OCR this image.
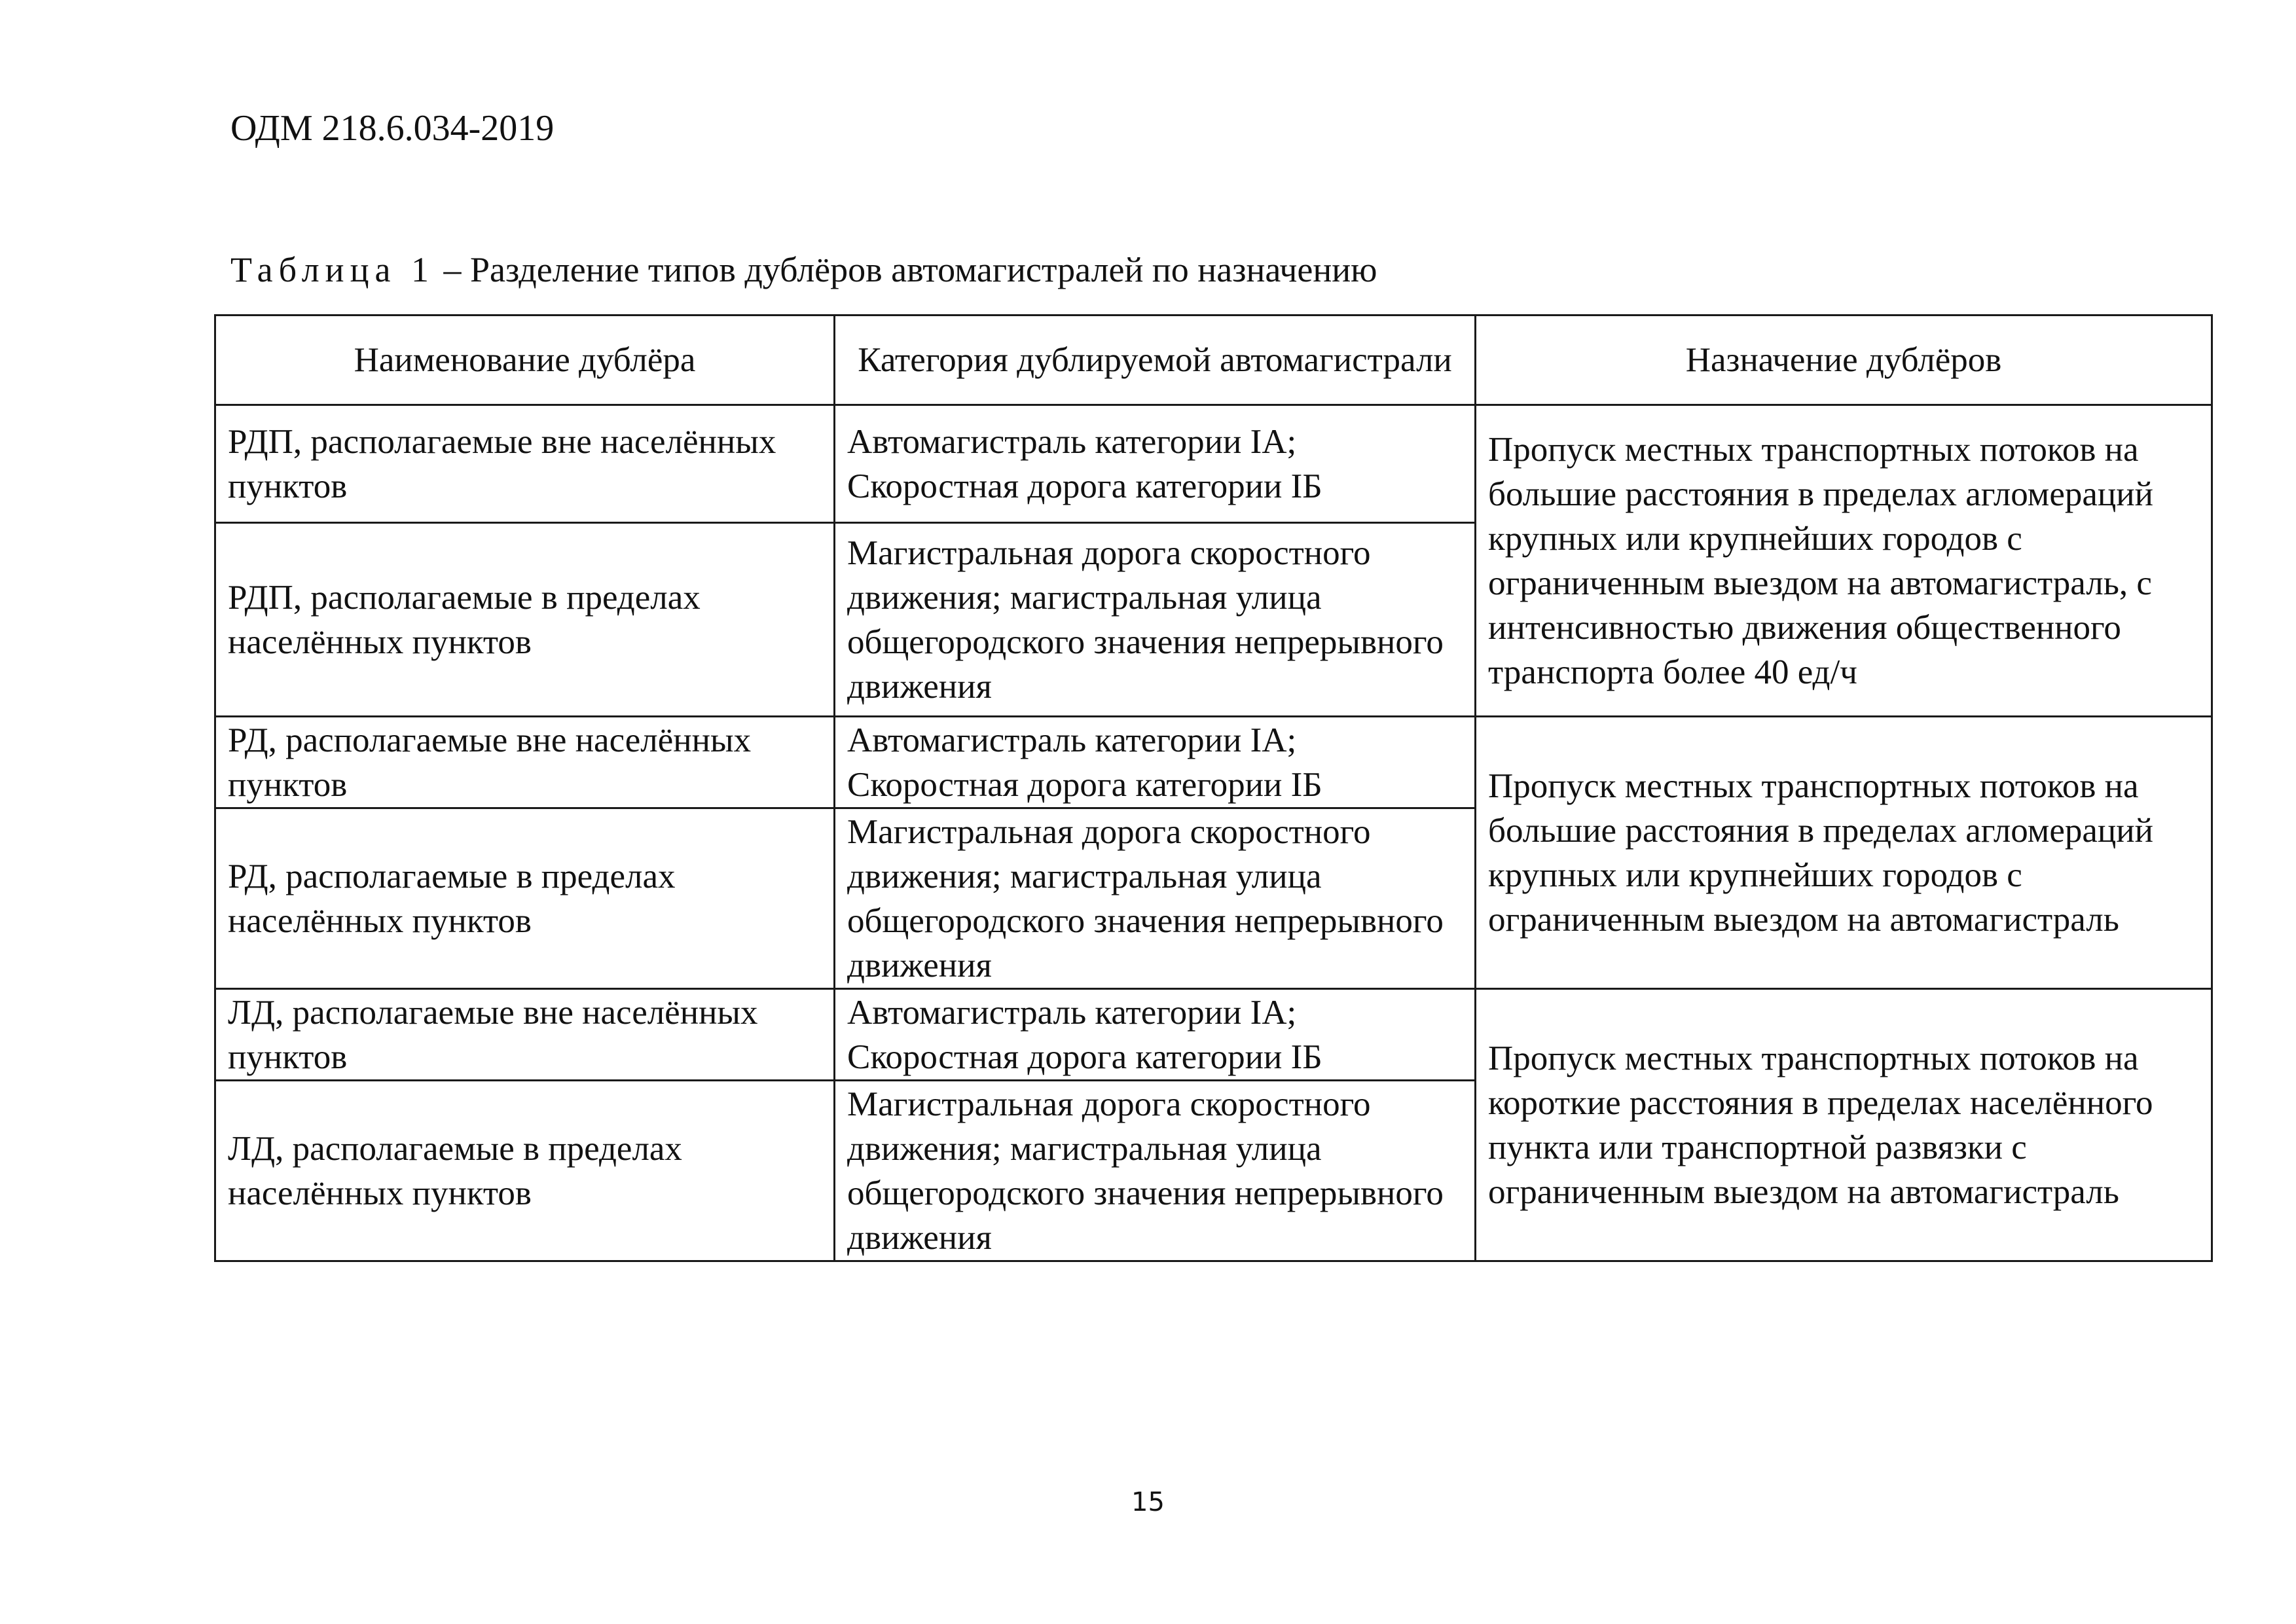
ОДМ 218.6.034-2019
Таблица 1 – Разделение типов дублёров автомагистралей по назначению
Наименование дублёра	Категория дублируемой автомагистрали	Назначение дублёров
РДП, располагаемые вне населённых пунктов	Автомагистраль категории IA; Скоростная дорога категории IБ	Пропуск местных транспортных потоков на большие расстояния в пределах агломераций крупных или крупнейших городов с ограниченным выездом на автомагистраль, с интенсивностью движения общественного транспорта более 40 ед/ч
РДП, располагаемые в пределах населённых пунктов	Магистральная дорога скоростного движения; магистральная улица общегородского значения непрерывного движения	
РД, располагаемые вне населённых пунктов	Автомагистраль категории IA; Скоростная дорога категории IБ	Пропуск местных транспортных потоков на большие расстояния в пределах агломераций крупных или крупнейших городов с ограниченным выездом на автомагистраль
РД, располагаемые в пределах населённых пунктов	Магистральная дорога скоростного движения; магистральная улица общегородского значения непрерывного движения	
ЛД, располагаемые вне населённых пунктов	Автомагистраль категории IA; Скоростная дорога категории IБ	Пропуск местных транспортных потоков на короткие расстояния в пределах населённого пункта или транспортной развязки с ограниченным выездом на автомагистраль
ЛД, располагаемые в пределах населённых пунктов	Магистральная дорога скоростного движения; магистральная улица общегородского значения непрерывного движения	
15
